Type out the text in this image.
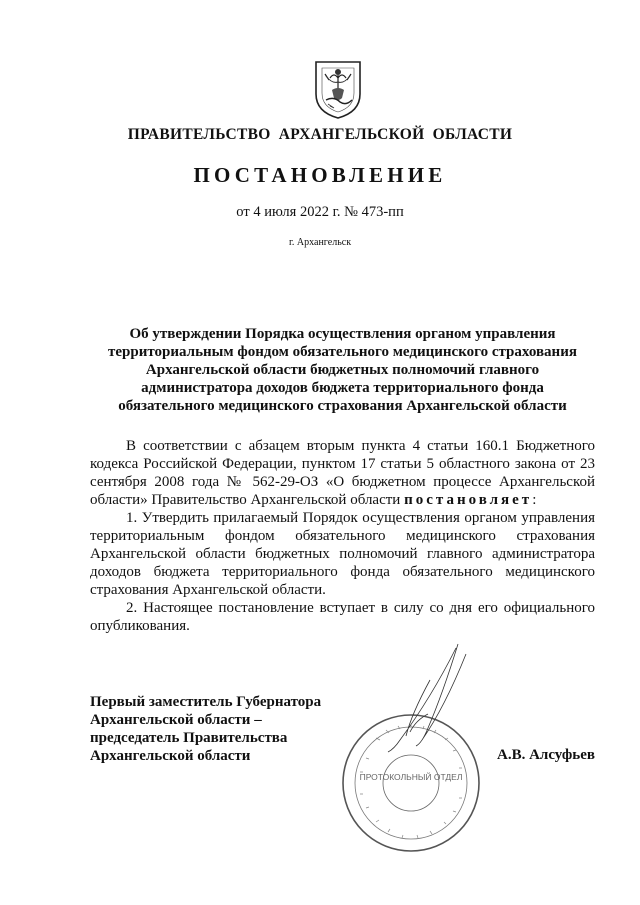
ПРАВИТЕЛЬСТВО АРХАНГЕЛЬСКОЙ ОБЛАСТИ
ПОСТАНОВЛЕНИЕ
от 4 июля 2022 г. № 473-пп
г. Архангельск
Об утверждении Порядка осуществления органом управления
территориальным фондом обязательного медицинского страхования
Архангельской области бюджетных полномочий главного
администратора доходов бюджета территориального фонда
обязательного медицинского страхования Архангельской области

В соответствии с абзацем вторым пункта 4 статьи 160.1 Бюджетного кодекса Российской Федерации, пунктом 17 статьи 5 областного закона от 23 сентября 2008 года № 562-29-ОЗ «О бюджетном процессе Архангельской области» Правительство Архангельской области постановляет:

1. Утвердить прилагаемый Порядок осуществления органом управления территориальным фондом обязательного медицинского страхования Архангельской области бюджетных полномочий главного администратора доходов бюджета территориального фонда обязательного медицинского страхования Архангельской области.

2. Настоящее постановление вступает в силу со дня его официального опубликования.

Первый заместитель Губернатора
Архангельской области –
председатель Правительства
Архангельской области	А.В. Алсуфьев
ПРОТОКОЛЬНЫЙ ОТДЕЛ
